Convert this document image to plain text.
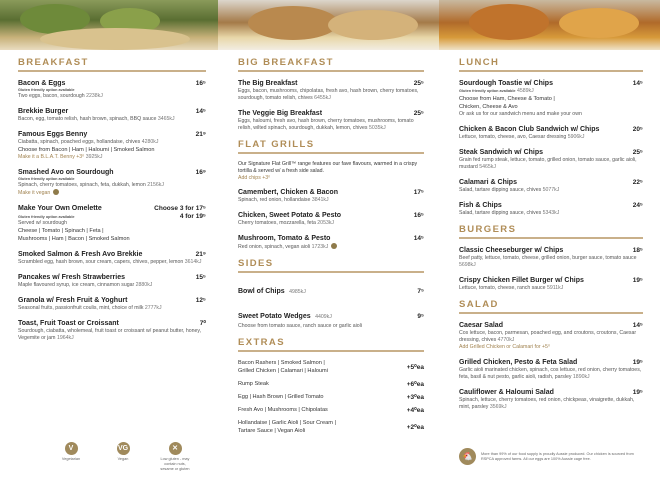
BREAKFAST
Bacon & Eggs	16⁵
Gluten friendly option available
Two eggs, bacon, sourdough 2238kJ
Brekkie Burger	14⁵
Bacon, egg, tomato relish, hash brown, spinach, BBQ sauce 3465kJ
Famous Eggs Benny	21⁹
Ciabatta, spinach, poached eggs, hollandaise, chives 4280kJ
Choose from Bacon | Ham | Haloumi | Smoked Salmon
Make it a B.L.A.T. Benny +3⁰ 3925kJ
Smashed Avo on Sourdough	16⁹
Gluten friendly option available
Spinach, cherry tomatoes, spinach, feta, dukkah, lemon 2156kJ
Make it vegan
Make Your Own Omelette	Choose 3 for 17⁵
Gluten friendly option available	4 for 19⁵
Served w/ sourdough
Cheese | Tomato | Spinach | Feta |
Mushrooms | Ham | Bacon | Smoked Salmon
Smoked Salmon & Fresh Avo Brekkie	21⁹
Scrambled egg, hash brown, sour cream, capers, chives, pepper, lemon 3614kJ
Pancakes w/ Fresh Strawberries	15⁵
Maple flavoured syrup, ice cream, cinnamon sugar 2880kJ
Granola w/ Fresh Fruit & Yoghurt	12⁵
Seasonal fruits, passionfruit coulis, mint, choice of milk 2777kJ
Toast, Fruit Toast or Croissant	7⁰
Sourdough, ciabatta, wholemeal, fruit toast or croissant w/ peanut butter, honey, Vegemite or jam 1964kJ
BIG BREAKFAST
The Big Breakfast	25⁵
Eggs, bacon, mushrooms, chipolatas, fresh avo, hash brown, cherry tomatoes, sourdough, tomato relish, chives 6455kJ
The Veggie Big Breakfast	25⁵
Eggs, haloumi, fresh avo, hash brown, cherry tomatoes, mushrooms, tomato relish, wilted spinach, sourdough, dukkah, lemon, chives 5035kJ
FLAT GRILLS
Our Signature Flat Grill™ range features our fave flavours, warmed in a crispy tortilla & served w/ a fresh side salad.
Add chips +3⁰
Camembert, Chicken & Bacon	17⁵
Spinach, red onion, hollandaise 3841kJ
Chicken, Sweet Potato & Pesto	16⁵
Cherry tomatoes, mozzarella, feta 2053kJ
Mushroom, Tomato & Pesto	14⁵
Red onion, spinach, vegan aioli 1723kJ
SIDES
Bowl of Chips 4985kJ	7⁵
Sweet Potato Wedges 4409kJ	9⁵
Choose from tomato sauce, ranch sauce or garlic aioli
EXTRAS
Bacon Rashers | Smoked Salmon |
Grilled Chicken | Calamari | Haloumi	+5⁰ea
Rump Steak	+6⁰ea
Egg | Hash Brown | Grilled Tomato	+3⁰ea
Fresh Avo | Mushrooms | Chipolatas	+4⁰ea
Hollandaise | Garlic Aioli | Sour Cream |
Tartare Sauce | Vegan Aioli	+2⁰ea
LUNCH
Sourdough Toastie w/ Chips	14⁵
Gluten friendly option available 4589kJ
Choose from Ham, Cheese & Tomato |
Chicken, Cheese & Avo
Or ask us for our sandwich menu and make your own
Chicken & Bacon Club Sandwich w/ Chips	20⁵
Lettuce, tomato, cheese, avo, Caesar dressing 5906kJ
Steak Sandwich w/ Chips	25⁵
Grain fed rump steak, lettuce, tomato, grilled onion, tomato sauce, garlic aioli, mustard 5465kJ
Calamari & Chips	22⁵
Salad, tartare dipping sauce, chives 5077kJ
Fish & Chips	24⁵
Salad, tartare dipping sauce, chives 5343kJ
BURGERS
Classic Cheeseburger w/ Chips	18⁵
Beef patty, lettuce, tomato, cheese, grilled onion, burger sauce, tomato sauce 5698kJ
Crispy Chicken Fillet Burger w/ Chips	19⁵
Lettuce, tomato, cheese, ranch sauce 5911kJ
SALAD
Caesar Salad	14⁵
Cos lettuce, bacon, parmesan, poached egg, and croutons, croutons, Caesar dressing, chives 4770kJ
Add Grilled Chicken or Calamari for +5⁰
Grilled Chicken, Pesto & Feta Salad	19⁵
Garlic aioli marinated chicken, spinach, cos lettuce, red onion, cherry tomatoes, feta, basil & nut pesto, garlic aioli, radish, parsley 1890kJ
Cauliflower & Haloumi Salad	19⁵
Spinach, lettuce, cherry tomatoes, red onion, chickpeas, vinaigrette, dukkah, mint, parsley 3569kJ
V
Vegetarian
VG
Vegan
✕
Low gluten - may contain nuts, sesame or gluten
🐔	More than 99% of our food supply is proudly Aussie produced. Our chicken is sourced from RSPCA approved farms. All our eggs are 100% Aussie cage free.
